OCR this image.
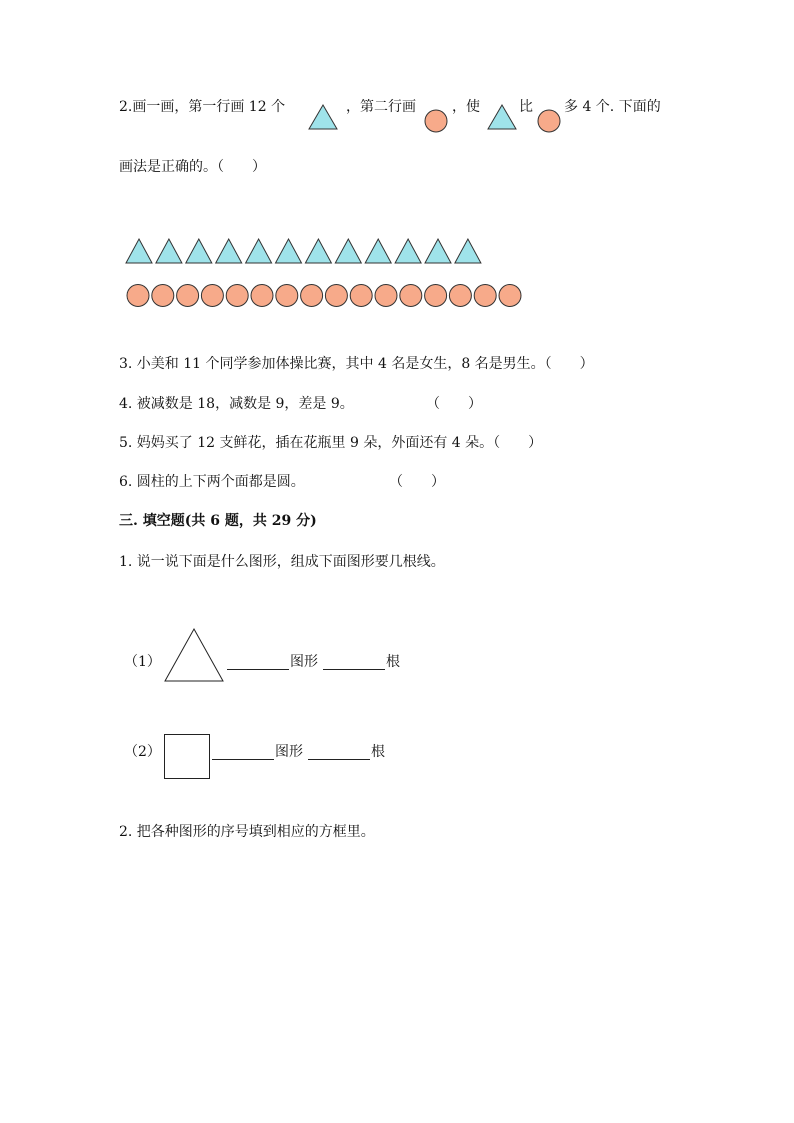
2.画一画，第一行画 12 个	，第二行画	，使	比 多 4 个. 下面的
画法是正确的。（　　）
3. 小美和 11 个同学参加体操比赛，其中 4 名是女生，8 名是男生。（　　）
4. 被减数是 18，减数是 9，差是 9。	（　　）
5. 妈妈买了 12 支鲜花，插在花瓶里 9 朵，外面还有 4 朵。（　　）
6. 圆柱的上下两个面都是圆。	（　　）
三. 填空题(共 6 题，共 29 分)
1. 说一说下面是什么图形，组成下面图形要几根线。
（1）	图形	根
（2）	图形	根
2. 把各种图形的序号填到相应的方框里。
